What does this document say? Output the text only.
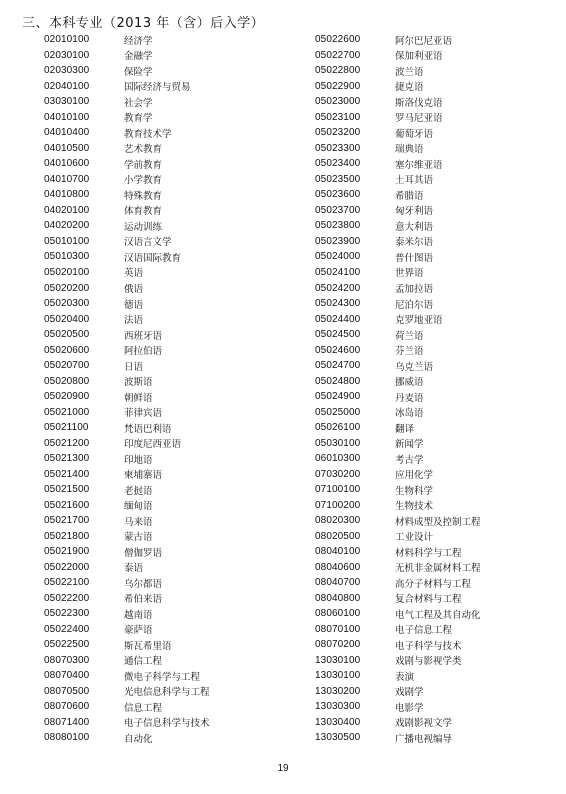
三、本科专业（2013 年（含）后入学）
02010100	经济学
02030100	金融学
02030300	保险学
02040100	国际经济与贸易
03030100	社会学
04010100	教育学
04010400	教育技术学
04010500	艺术教育
04010600	学前教育
04010700	小学教育
04010800	特殊教育
04020100	体育教育
04020200	运动训练
05010100	汉语言文学
05010300	汉语国际教育
05020100	英语
05020200	俄语
05020300	德语
05020400	法语
05020500	西班牙语
05020600	阿拉伯语
05020700	日语
05020800	波斯语
05020900	朝鲜语
05021000	菲律宾语
05021100	梵语巴利语
05021200	印度尼西亚语
05021300	印地语
05021400	柬埔寨语
05021500	老挝语
05021600	缅甸语
05021700	马来语
05021800	蒙古语
05021900	僧伽罗语
05022000	泰语
05022100	乌尔都语
05022200	希伯来语
05022300	越南语
05022400	豪萨语
05022500	斯瓦希里语
08070300	通信工程
08070400	微电子科学与工程
08070500	光电信息科学与工程
08070600	信息工程
08071400	电子信息科学与技术
08080100	自动化
05022600	阿尔巴尼亚语
05022700	保加利亚语
05022800	波兰语
05022900	捷克语
05023000	斯洛伐克语
05023100	罗马尼亚语
05023200	葡萄牙语
05023300	瑞典语
05023400	塞尔维亚语
05023500	土耳其语
05023600	希腊语
05023700	匈牙利语
05023800	意大利语
05023900	泰米尔语
05024000	普什图语
05024100	世界语
05024200	孟加拉语
05024300	尼泊尔语
05024400	克罗地亚语
05024500	荷兰语
05024600	芬兰语
05024700	乌克兰语
05024800	挪威语
05024900	丹麦语
05025000	冰岛语
05026100	翻译
05030100	新闻学
06010300	考古学
07030200	应用化学
07100100	生物科学
07100200	生物技术
08020300	材料成型及控制工程
08020500	工业设计
08040100	材料科学与工程
08040600	无机非金属材料工程
08040700	高分子材料与工程
08040800	复合材料与工程
08060100	电气工程及其自动化
08070100	电子信息工程
08070200	电子科学与技术
13030100	戏剧与影视学类
13030100	表演
13030200	戏剧学
13030300	电影学
13030400	戏剧影视文学
13030500	广播电视编导
19
